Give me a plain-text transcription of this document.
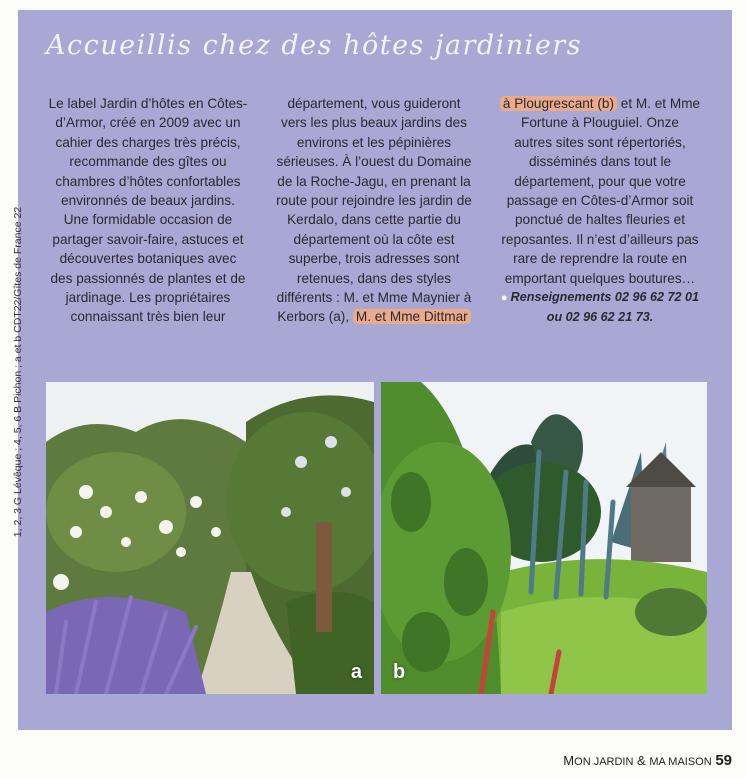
Accueillis chez des hôtes jardiniers
Le label Jardin d’hôtes en Côtes-
d’Armor, créé en 2009 avec un
cahier des charges très précis,
recommande des gîtes ou
chambres d’hôtes confortables
environnés de beaux jardins.
Une formidable occasion de
partager savoir-faire, astuces et
découvertes botaniques avec
des passionnés de plantes et de
jardinage. Les propriétaires
connaissant très bien leur
département, vous guideront
vers les plus beaux jardins des
environs et les pépinières
sérieuses. À l’ouest du Domaine
de la Roche-Jagu, en prenant la
route pour rejoindre les jardin de
Kerdalo, dans cette partie du
département où la côte est
superbe, trois adresses sont
retenues, dans des styles
différents : M. et Mme Maynier à
Kerbors (a), M. et Mme Dittmar
à Plougrescant (b) et M. et Mme
Fortune à Plouguiel. Onze
autres sites sont répertoriés,
disséminés dans tout le
département, pour que votre
passage en Côtes-d’Armor soit
ponctué de haltes fleuries et
reposantes. Il n’est d’ailleurs pas
rare de reprendre la route en
emportant quelques boutures…
● Renseignements 02 96 62 72 01
ou 02 96 62 21 73.
a b
1, 2, 3 G Lévêque ; 4, 5, 6 B Pichon ; a et b CDT22/Gîtes de France 22
MON JARDIN & MA MAISON 59
